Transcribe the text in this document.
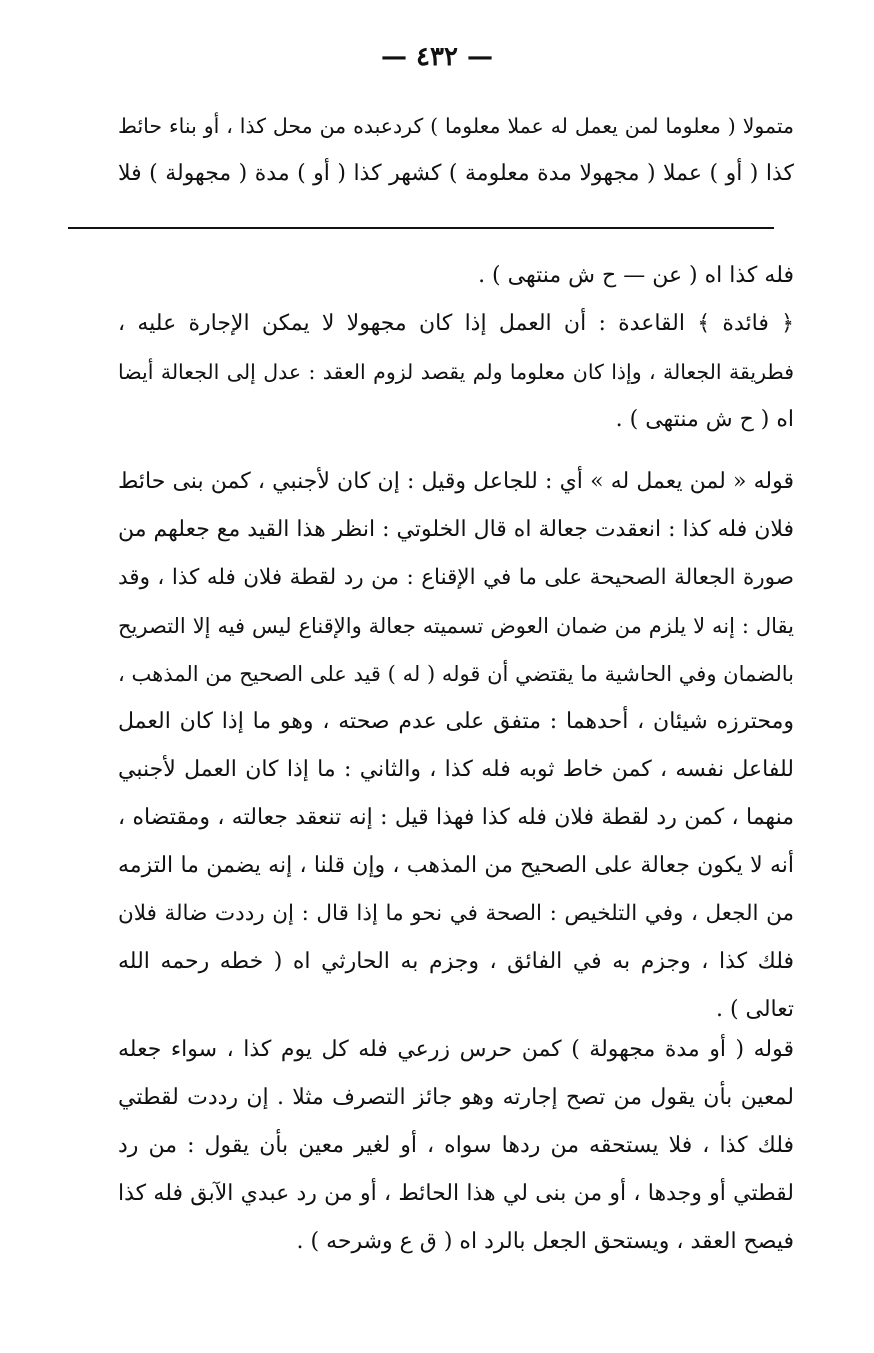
— ٤٣٢ —
متمولا ( معلوما لمن يعمل له عملا معلوما ) كردعبده من محل كذا ، أو بناء حائط
كذا ( أو ) عملا ( مجهولا مدة معلومة ) كشهر كذا ( أو ) مدة ( مجهولة ) فلا
فله كذا اه ( عن — ح ش منتهى ) .
﴿ فائدة ﴾ القاعدة : أن العمل إذا كان مجهولا لا يمكن الإجارة عليه ،
فطريقة الجعالة ، وإذا كان معلوما ولم يقصد لزوم العقد : عدل إلى الجعالة أيضا
اه ( ح ش منتهى ) .
قوله « لمن يعمل له » أي : للجاعل وقيل : إن كان لأجنبي ، كمن بنى حائط
فلان فله كذا : انعقدت جعالة اه قال الخلوتي : انظر هذا القيد مع جعلهم من
صورة الجعالة الصحيحة على ما في الإقناع : من رد لقطة فلان فله كذا ، وقد
يقال : إنه لا يلزم من ضمان العوض تسميته جعالة والإقناع ليس فيه إلا التصريح
بالضمان وفي الحاشية ما يقتضي أن قوله ( له ) قيد على الصحيح من المذهب ،
ومحترزه شيئان ، أحدهما : متفق على عدم صحته ، وهو ما إذا كان العمل
للفاعل نفسه ، كمن خاط ثوبه فله كذا ، والثاني : ما إذا كان العمل لأجنبي
منهما ، كمن رد لقطة فلان فله كذا فهذا قيل : إنه تنعقد جعالته ، ومقتضاه ،
أنه لا يكون جعالة على الصحيح من المذهب ، وإن قلنا ، إنه يضمن ما التزمه
من الجعل ، وفي التلخيص : الصحة في نحو ما إذا قال : إن رددت ضالة فلان
فلك كذا ، وجزم به في الفائق ، وجزم به الحارثي اه ( خطه رحمه الله
تعالى ) .
قوله ( أو مدة مجهولة ) كمن حرس زرعي فله كل يوم كذا ، سواء جعله
لمعين بأن يقول من تصح إجارته وهو جائز التصرف مثلا . إن رددت لقطتي
فلك كذا ، فلا يستحقه من ردها سواه ، أو لغير معين بأن يقول : من رد
لقطتي أو وجدها ، أو من بنى لي هذا الحائط ، أو من رد عبدي الآبق فله كذا
فيصح العقد ، ويستحق الجعل بالرد اه ( ق ع وشرحه ) .
